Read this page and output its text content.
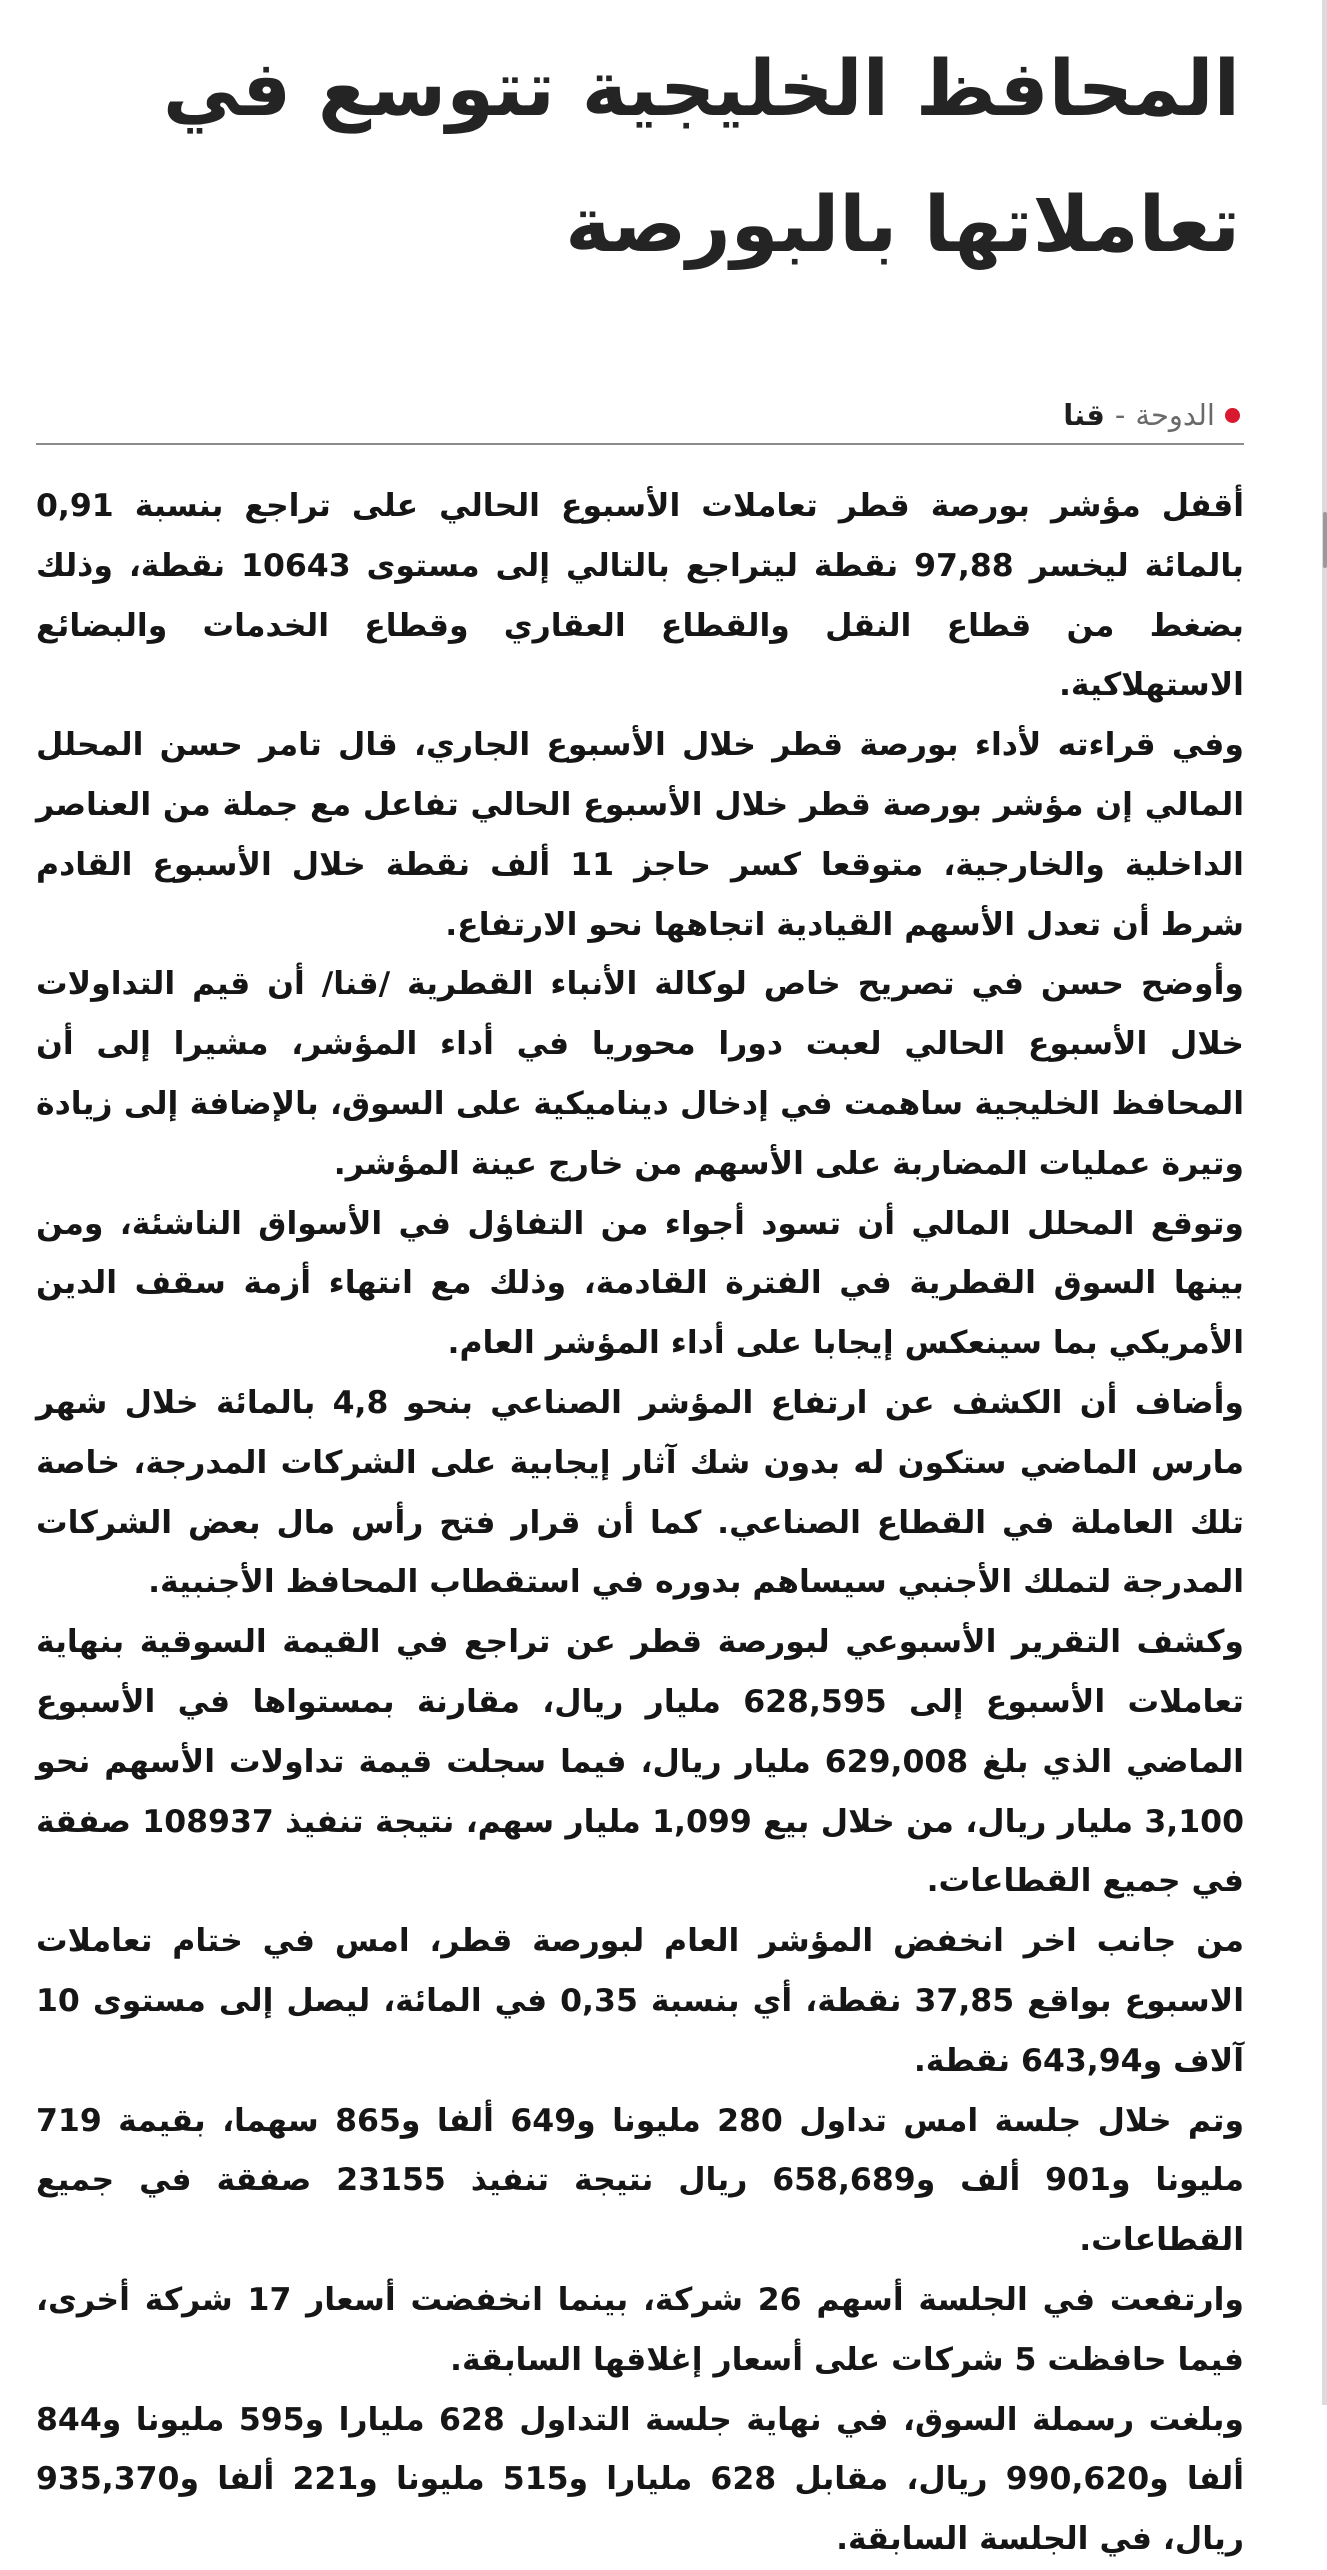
المحافظ الخليجية تتوسع في تعاملاتها بالبورصة
الدوحة
-
قنا

أقفل مؤشر بورصة قطر تعاملات الأسبوع الحالي على تراجع بنسبة 0,91 بالمائة ليخسر 97,88 نقطة ليتراجع بالتالي إلى مستوى 10643 نقطة، وذلك بضغط من قطاع النقل والقطاع العقاري وقطاع الخدمات والبضائع الاستهلاكية.

وفي قراءته لأداء بورصة قطر خلال الأسبوع الجاري، قال تامر حسن المحلل المالي إن مؤشر بورصة قطر خلال الأسبوع الحالي تفاعل مع جملة من العناصر الداخلية والخارجية، متوقعا كسر حاجز 11 ألف نقطة خلال الأسبوع القادم شرط أن تعدل الأسهم القيادية اتجاهها نحو الارتفاع.

وأوضح حسن في تصريح خاص لوكالة الأنباء القطرية /قنا/ أن قيم التداولات خلال الأسبوع الحالي لعبت دورا محوريا في أداء المؤشر، مشيرا إلى أن المحافظ الخليجية ساهمت في إدخال ديناميكية على السوق، بالإضافة إلى زيادة وتيرة عمليات المضاربة على الأسهم من خارج عينة المؤشر.

وتوقع المحلل المالي أن تسود أجواء من التفاؤل في الأسواق الناشئة، ومن بينها السوق القطرية في الفترة القادمة، وذلك مع انتهاء أزمة سقف الدين الأمريكي بما سينعكس إيجابا على أداء المؤشر العام.

وأضاف أن الكشف عن ارتفاع المؤشر الصناعي بنحو 4,8 بالمائة خلال شهر مارس الماضي ستكون له بدون شك آثار إيجابية على الشركات المدرجة، خاصة تلك العاملة في القطاع الصناعي. كما أن قرار فتح رأس مال بعض الشركات المدرجة لتملك الأجنبي سيساهم بدوره في استقطاب المحافظ الأجنبية.

وكشف التقرير الأسبوعي لبورصة قطر عن تراجع في القيمة السوقية بنهاية تعاملات الأسبوع إلى 628,595 مليار ريال، مقارنة بمستواها في الأسبوع الماضي الذي بلغ 629,008 مليار ريال، فيما سجلت قيمة تداولات الأسهم نحو 3,100 مليار ريال، من خلال بيع 1,099 مليار سهم، نتيجة تنفيذ 108937 صفقة في جميع القطاعات.

من جانب اخر انخفض المؤشر العام لبورصة قطر، امس في ختام تعاملات الاسبوع بواقع 37,85 نقطة، أي بنسبة 0,35 في المائة، ليصل إلى مستوى 10 آلاف و643,94 نقطة.

وتم خلال جلسة امس تداول 280 مليونا و649 ألفا و865 سهما، بقيمة 719 مليونا و901 ألف و658,689 ريال نتيجة تنفيذ 23155 صفقة في جميع القطاعات.

وارتفعت في الجلسة أسهم 26 شركة، بينما انخفضت أسعار 17 شركة أخرى، فيما حافظت 5 شركات على أسعار إغلاقها السابقة.

وبلغت رسملة السوق، في نهاية جلسة التداول 628 مليارا و595 مليونا و844 ألفا و990,620 ريال، مقابل 628 مليارا و515 مليونا و221 ألفا و935,370 ريال، في الجلسة السابقة.
